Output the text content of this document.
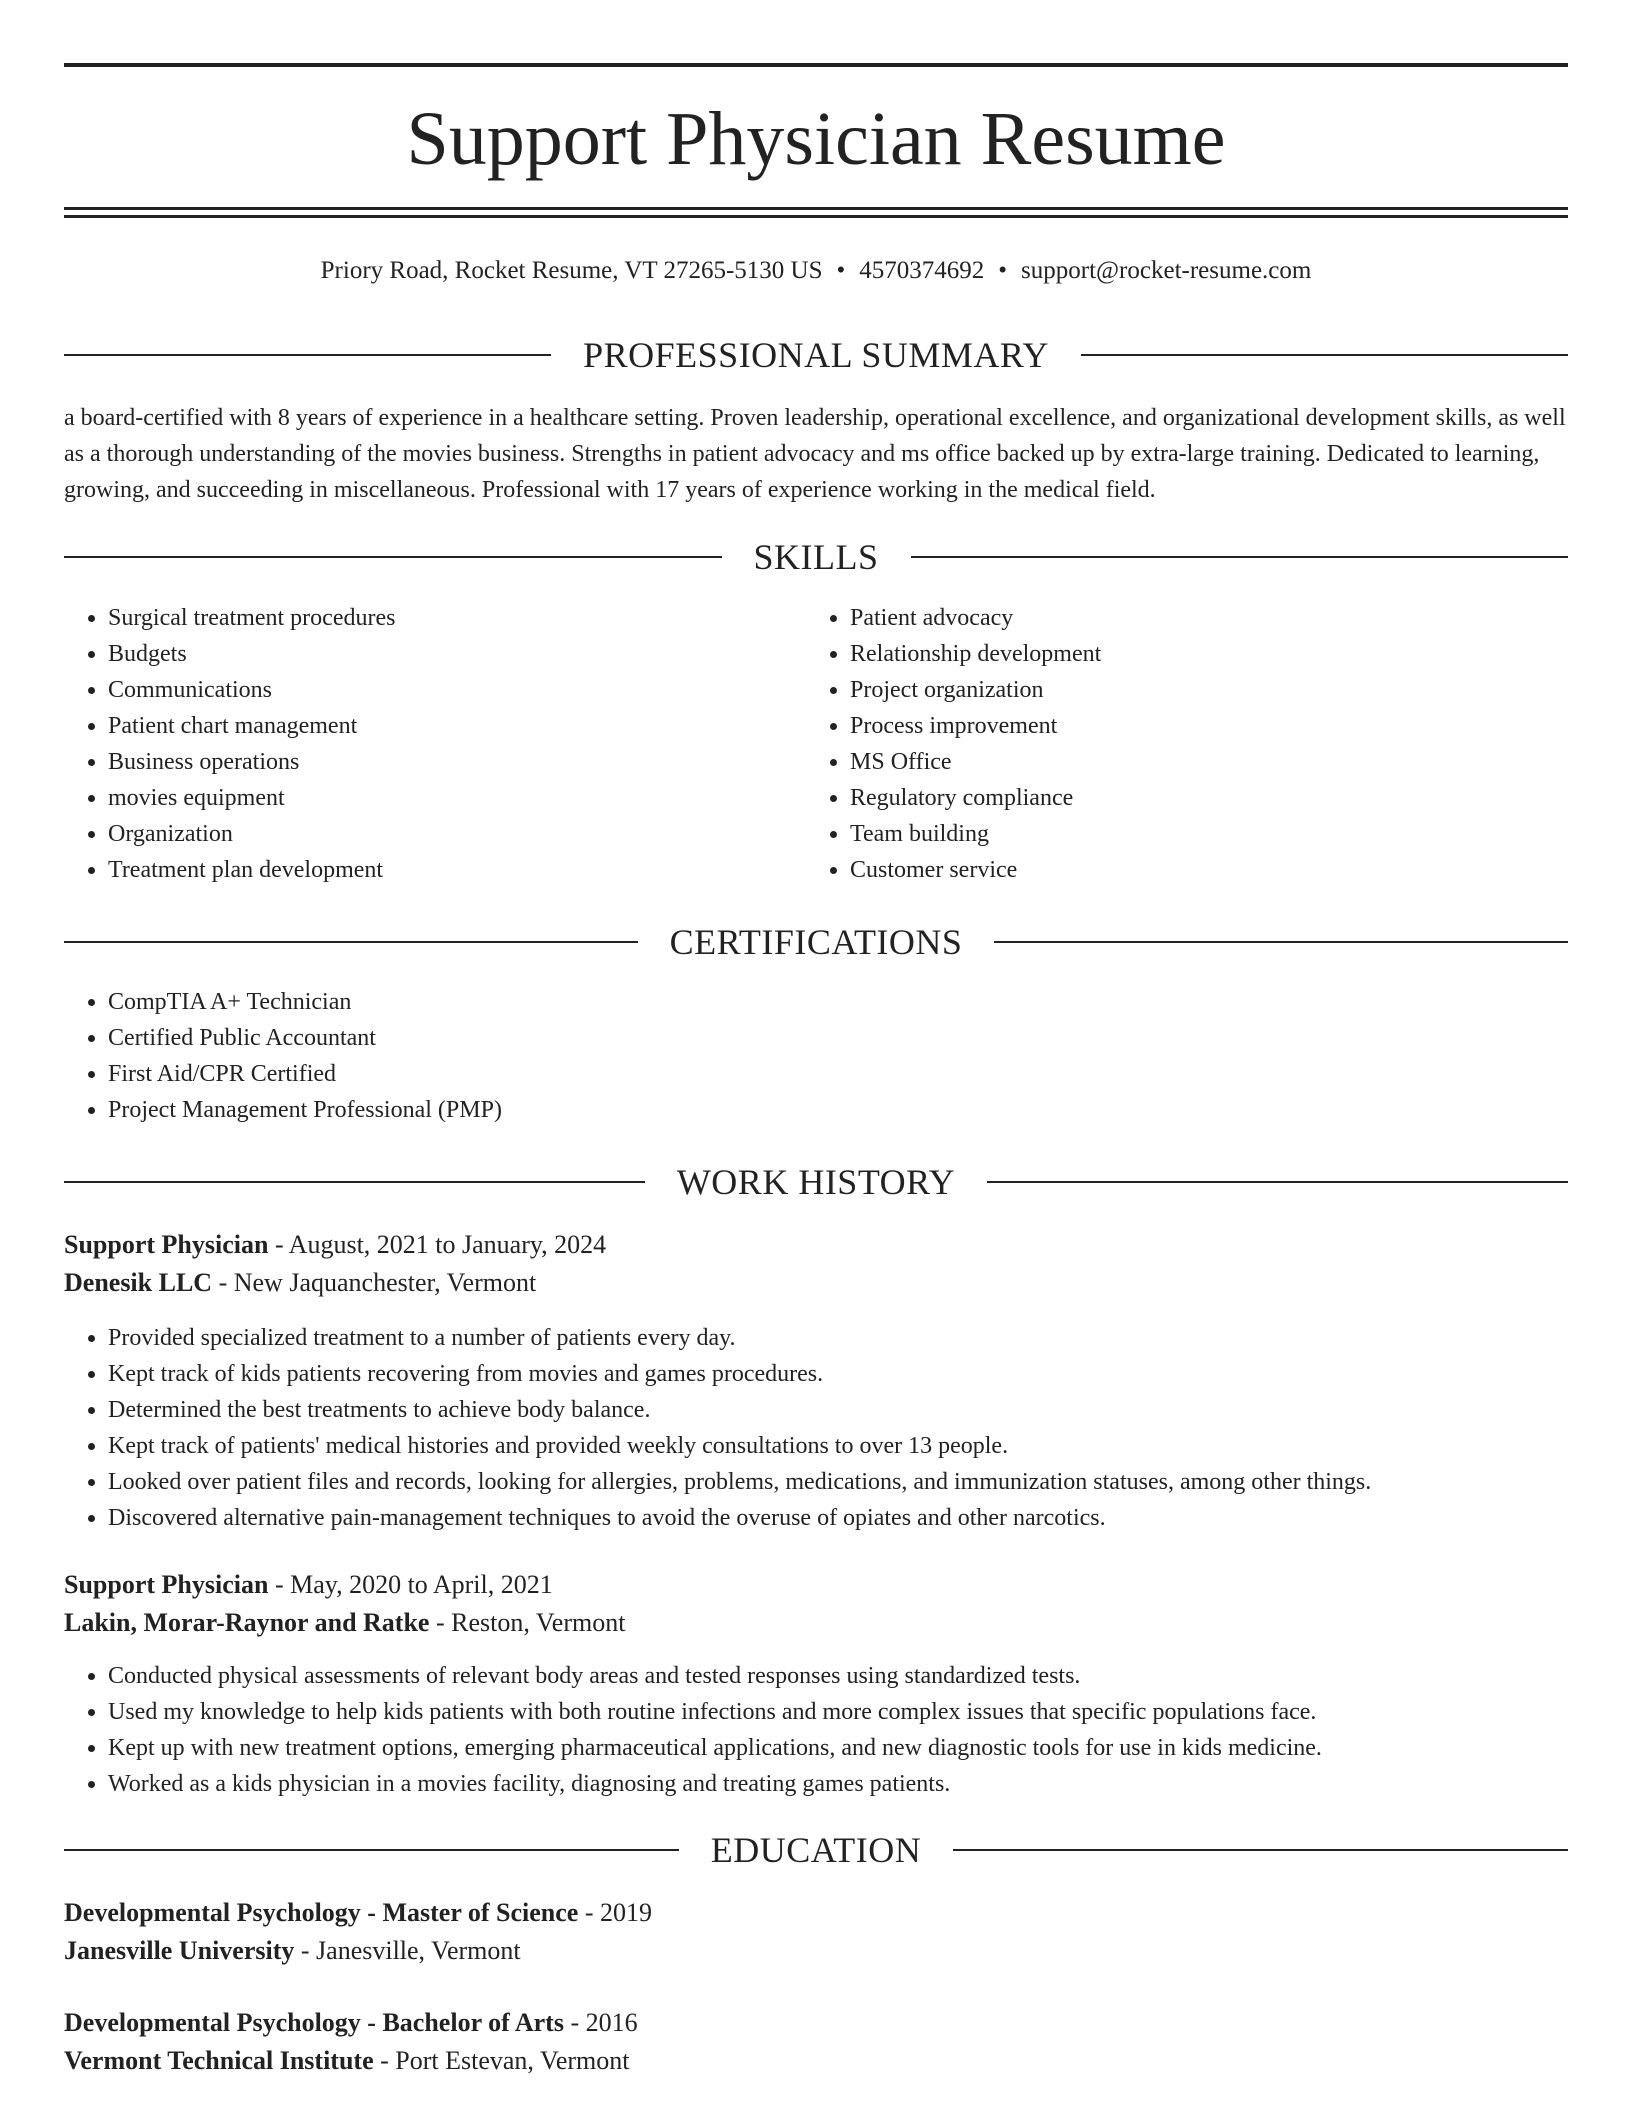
Support Physician Resume
Priory Road, Rocket Resume, VT 27265-5130 US • 4570374692 • support@rocket-resume.com
PROFESSIONAL SUMMARY

a board-certified with 8 years of experience in a healthcare setting. Proven leadership, operational excellence, and organizational development skills, as well as a thorough understanding of the movies business. Strengths in patient advocacy and ms office backed up by extra-large training. Dedicated to learning, growing, and succeeding in miscellaneous. Professional with 17 years of experience working in the medical field.

SKILLS
• Surgical treatment procedures
• Budgets
• Communications
• Patient chart management
• Business operations
• movies equipment
• Organization
• Treatment plan development
• Patient advocacy
• Relationship development
• Project organization
• Process improvement
• MS Office
• Regulatory compliance
• Team building
• Customer service
CERTIFICATIONS
• CompTIA A+ Technician
• Certified Public Accountant
• First Aid/CPR Certified
• Project Management Professional (PMP)
WORK HISTORY
Support Physician - August, 2021 to January, 2024
Denesik LLC - New Jaquanchester, Vermont
• Provided specialized treatment to a number of patients every day.
• Kept track of kids patients recovering from movies and games procedures.
• Determined the best treatments to achieve body balance.
• Kept track of patients' medical histories and provided weekly consultations to over 13 people.
• Looked over patient files and records, looking for allergies, problems, medications, and immunization statuses, among other things.
• Discovered alternative pain-management techniques to avoid the overuse of opiates and other narcotics.
Support Physician - May, 2020 to April, 2021
Lakin, Morar-Raynor and Ratke - Reston, Vermont
• Conducted physical assessments of relevant body areas and tested responses using standardized tests.
• Used my knowledge to help kids patients with both routine infections and more complex issues that specific populations face.
• Kept up with new treatment options, emerging pharmaceutical applications, and new diagnostic tools for use in kids medicine.
• Worked as a kids physician in a movies facility, diagnosing and treating games patients.
EDUCATION
Developmental Psychology - Master of Science - 2019
Janesville University - Janesville, Vermont
Developmental Psychology - Bachelor of Arts - 2016
Vermont Technical Institute - Port Estevan, Vermont
